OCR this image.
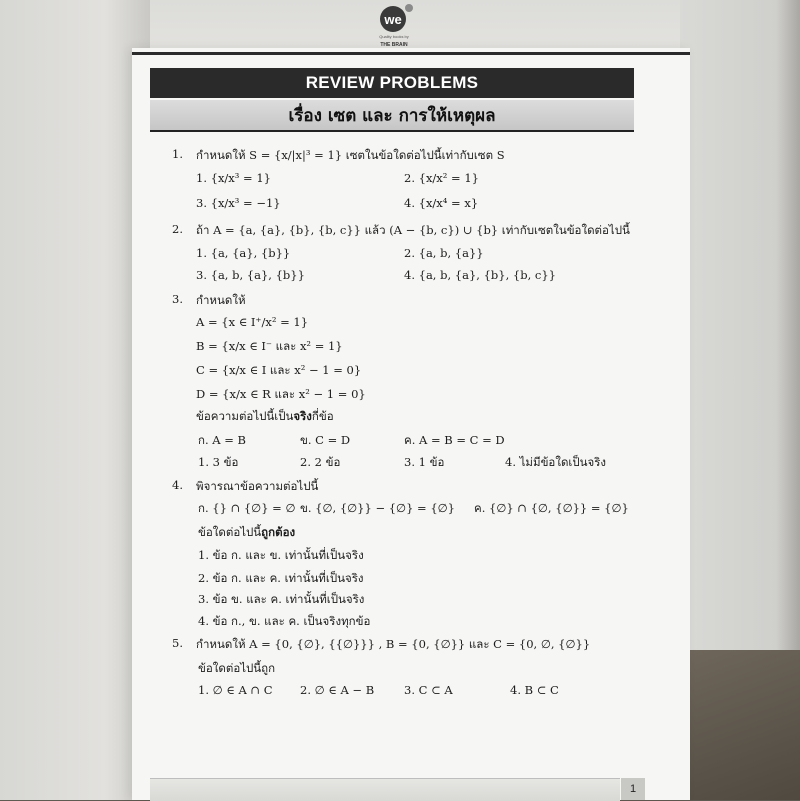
we
Quality books by
THE BRAIN
REVIEW PROBLEMS
เรื่อง เซต และ การให้เหตุผล
1. กำหนดให้ S = {x/|x|³ = 1} เซตในข้อใดต่อไปนี้เท่ากับเซต S
1. {x/x³ = 1}	2. {x/x² = 1}
3. {x/x³ = −1}	4. {x/x⁴ = x}
2. ถ้า A = {a, {a}, {b}, {b, c}} แล้ว (A − {b, c}) ∪ {b} เท่ากับเซตในข้อใดต่อไปนี้
1. {a, {a}, {b}}	2. {a, b, {a}}
3. {a, b, {a}, {b}}	4. {a, b, {a}, {b}, {b, c}}
3. กำหนดให้
A = {x ∈ I⁺/x² = 1}
B = {x/x ∈ I⁻ และ x² = 1}
C = {x/x ∈ I และ x² − 1 = 0}
D = {x/x ∈ R และ x² − 1 = 0}
ข้อความต่อไปนี้เป็นจริงกี่ข้อ
ก. A = B	ข. C = D	ค. A = B = C = D
1. 3 ข้อ	2. 2 ข้อ	3. 1 ข้อ	4. ไม่มีข้อใดเป็นจริง
4. พิจารณาข้อความต่อไปนี้
ก. {} ∩ {∅} = ∅ ข. {∅, {∅}} − {∅} = {∅} ค. {∅} ∩ {∅, {∅}} = {∅}
ข้อใดต่อไปนี้ถูกต้อง
1. ข้อ ก. และ ข. เท่านั้นที่เป็นจริง
2. ข้อ ก. และ ค. เท่านั้นที่เป็นจริง
3. ข้อ ข. และ ค. เท่านั้นที่เป็นจริง
4. ข้อ ก., ข. และ ค. เป็นจริงทุกข้อ
5. กำหนดให้ A = {0, {∅}, {{∅}}} , B = {0, {∅}} และ C = {0, ∅, {∅}}
ข้อใดต่อไปนี้ถูก
1. ∅ ∈ A ∩ C 2. ∅ ∈ A − B	3. C ⊂ A	4. B ⊂ C
1
